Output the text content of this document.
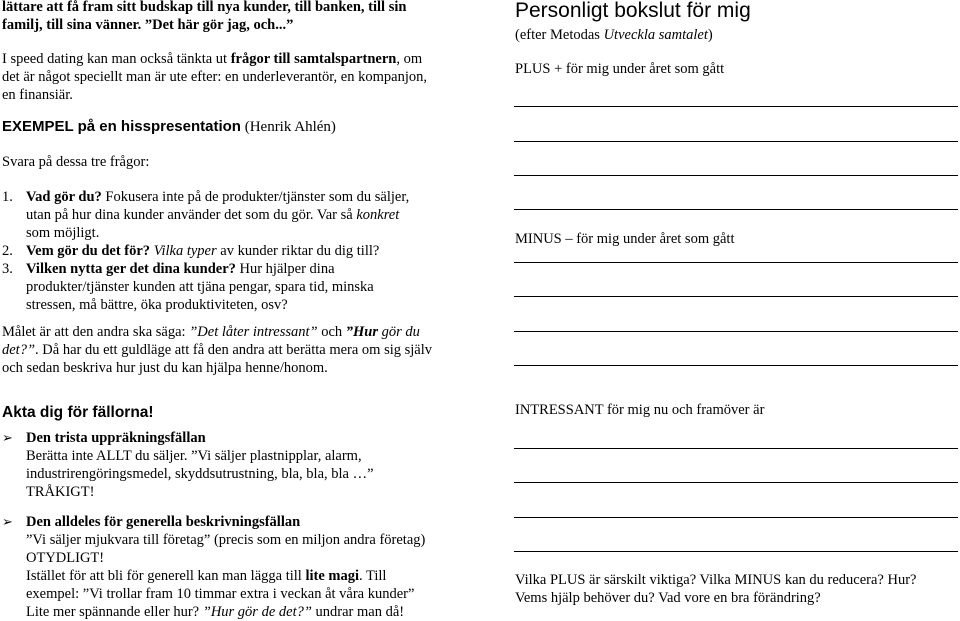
lättare att få fram sitt budskap till nya kunder, till banken, till sin
familj, till sina vänner. ”Det här gör jag, och...”
I speed dating kan man också tänkta ut frågor till samtalspartnern, om
det är något speciellt man är ute efter: en underleverantör, en kompanjon,
en finansiär.
EXEMPEL på en hisspresentation (Henrik Ahlén)
Svara på dessa tre frågor:
1. Vad gör du? Fokusera inte på de produkter/tjänster som du säljer,
utan på hur dina kunder använder det som du gör. Var så konkret
som möjligt.
2. Vem gör du det för? Vilka typer av kunder riktar du dig till?
3. Vilken nytta ger det dina kunder? Hur hjälper dina
produkter/tjänster kunden att tjäna pengar, spara tid, minska
stressen, må bättre, öka produktiviteten, osv?
Målet är att den andra ska säga: ”Det låter intressant” och ”Hur gör du
det?”. Då har du ett guldläge att få den andra att berätta mera om sig själv
och sedan beskriva hur just du kan hjälpa henne/honom.
Akta dig för fällorna!
➢ Den trista uppräkningsfällan
Berätta inte ALLT du säljer. ”Vi säljer plastnipplar, alarm,
industrirengöringsmedel, skyddsutrustning, bla, bla, bla …”
TRÅKIGT!
➢ Den alldeles för generella beskrivningsfällan
”Vi säljer mjukvara till företag” (precis som en miljon andra företag)
OTYDLIGT!
Istället för att bli för generell kan man lägga till lite magi. Till
exempel: ”Vi trollar fram 10 timmar extra i veckan åt våra kunder”
Lite mer spännande eller hur? ”Hur gör de det?” undrar man då!
Personligt bokslut för mig
(efter Metodas Utveckla samtalet)
PLUS + för mig under året som gått
MINUS – för mig under året som gått
INTRESSANT för mig nu och framöver är
Vilka PLUS är särskilt viktiga? Vilka MINUS kan du reducera? Hur?
Vems hjälp behöver du? Vad vore en bra förändring?
